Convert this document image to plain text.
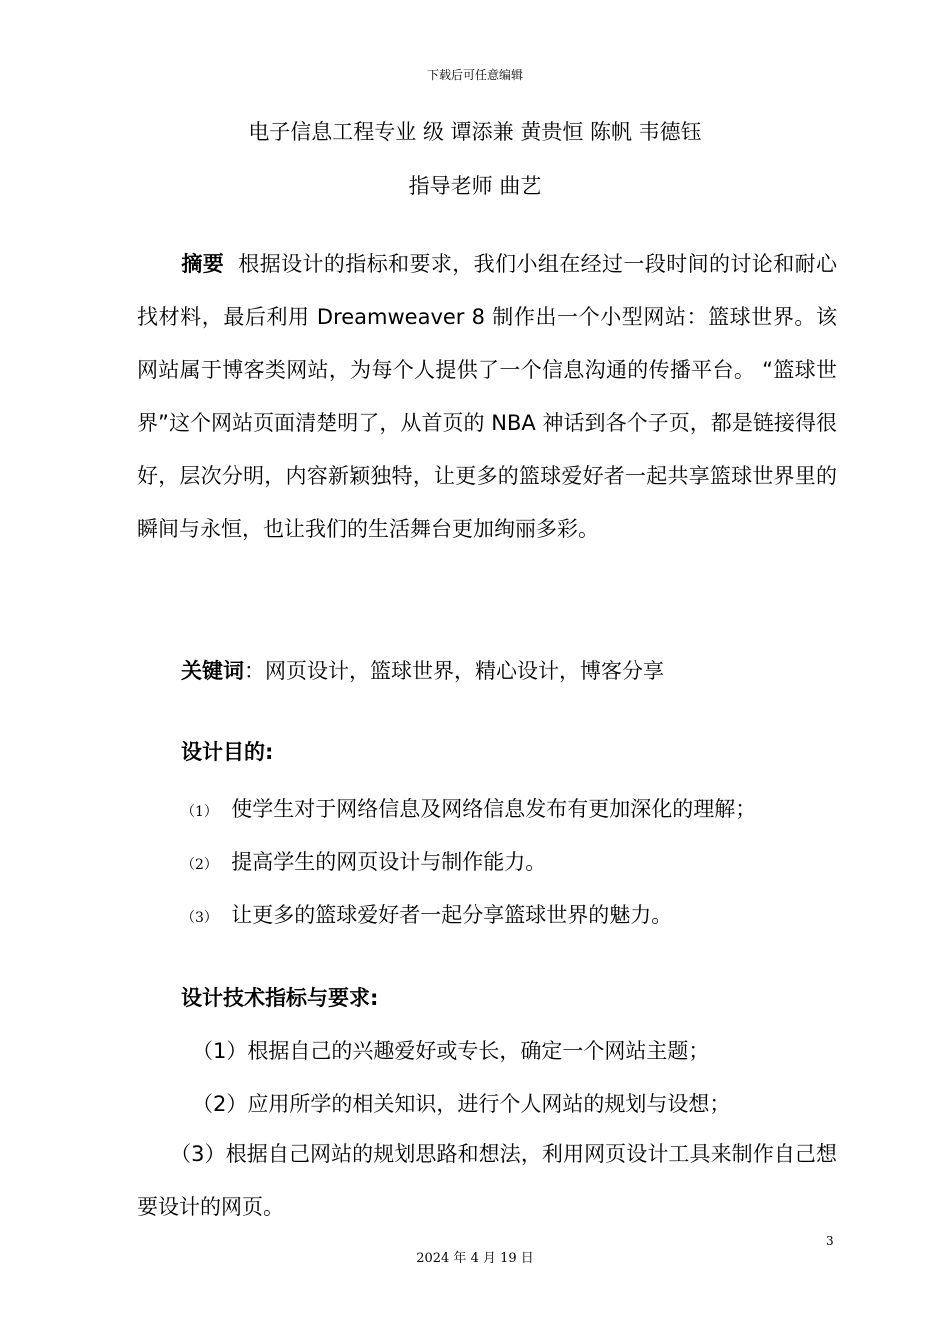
下载后可任意编辑
电子信息工程专业 级 谭添兼 黄贵恒 陈帆 韦德钰
指导老师 曲艺
摘要 根据设计的指标和要求，我们小组在经过一段时间的讨论和耐心找材料，最后利用 Dreamweaver 8 制作出一个小型网站：篮球世界。该网站属于博客类网站，为每个人提供了一个信息沟通的传播平台。 “篮球世界”这个网站页面清楚明了，从首页的 NBA 神话到各个子页，都是链接得很好，层次分明，内容新颖独特，让更多的篮球爱好者一起共享篮球世界里的瞬间与永恒，也让我们的生活舞台更加绚丽多彩。
关键词：网页设计，篮球世界，精心设计，博客分享
设计目的:
（1） 使学生对于网络信息及网络信息发布有更加深化的理解；
（2） 提高学生的网页设计与制作能力。
（3） 让更多的篮球爱好者一起分享篮球世界的魅力。
设计技术指标与要求:
（1）根据自己的兴趣爱好或专长，确定一个网站主题；
（2）应用所学的相关知识，进行个人网站的规划与设想；
（3）根据自己网站的规划思路和想法，利用网页设计工具来制作自己想要设计的网页。
3
2024 年 4 月 19 日
